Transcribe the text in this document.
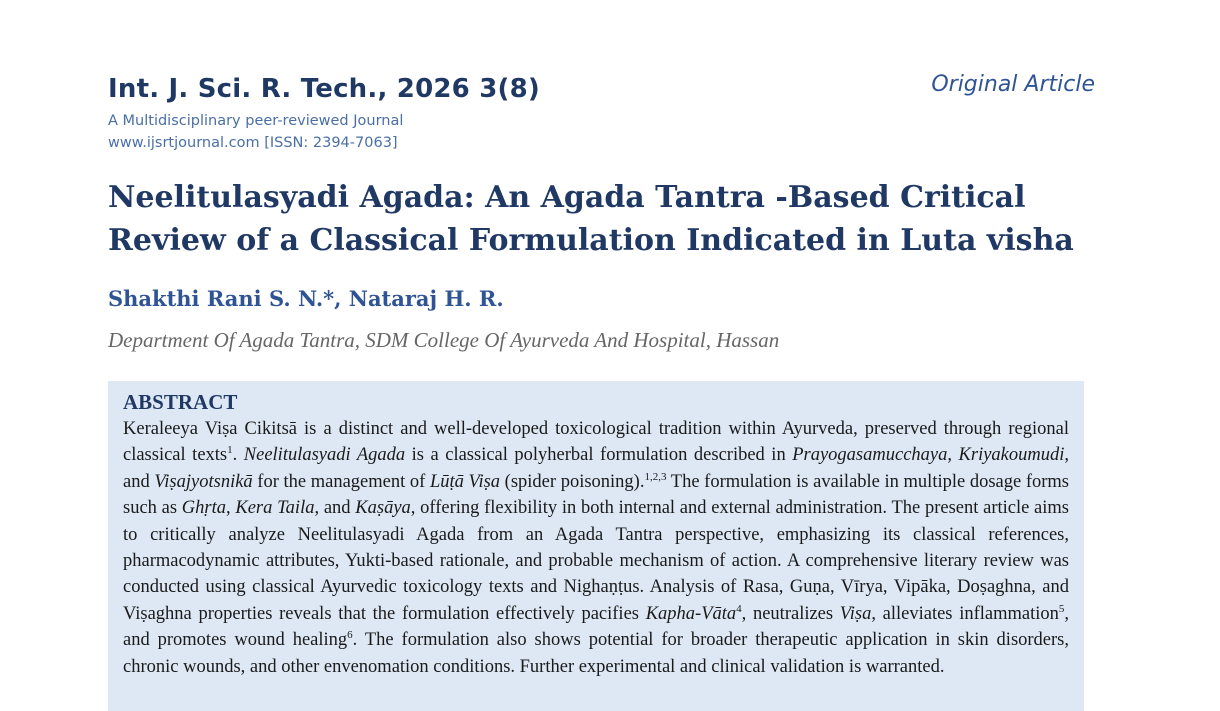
Int. J. Sci. R. Tech., 2026 3(8)
A Multidisciplinary peer-reviewed Journal
www.ijsrtjournal.com [ISSN: 2394-7063]
Original Article
Neelitulasyadi Agada: An Agada Tantra -Based Critical
Review of a Classical Formulation Indicated in Luta visha
Shakthi Rani S. N.*, Nataraj H. R.
Department Of Agada Tantra, SDM College Of Ayurveda And Hospital, Hassan
ABSTRACT
Keraleeya Viṣa Cikitsā is a distinct and well-developed toxicological tradition within Ayurveda, preserved through regional classical texts$^1$. Neelitulasyadi Agada is a classical polyherbal formulation described in Prayogasamucchaya, Kriyakoumudi, and Viṣajyotsnikā for the management of Lūṭā Viṣa (spider poisoning).$^{1,2,3}$ The formulation is available in multiple dosage forms such as Ghṛta, Kera Taila, and Kaṣāya, offering flexibility in both internal and external administration. The present article aims to critically analyze Neelitulasyadi Agada from an Agada Tantra perspective, emphasizing its classical references, pharmacodynamic attributes, Yukti-based rationale, and probable mechanism of action. A comprehensive literary review was conducted using classical Ayurvedic toxicology texts and Nighaṇṭus. Analysis of Rasa, Guṇa, Vīrya, Vipāka, Doṣaghna, and Viṣaghna properties reveals that the formulation effectively pacifies Kapha-Vāta$^4$, neutralizes Viṣa, alleviates inflammation$^5$, and promotes wound healing$^6$. The formulation also shows potential for broader therapeutic application in skin disorders, chronic wounds, and other envenomation conditions. Further experimental and clinical validation is warranted.
